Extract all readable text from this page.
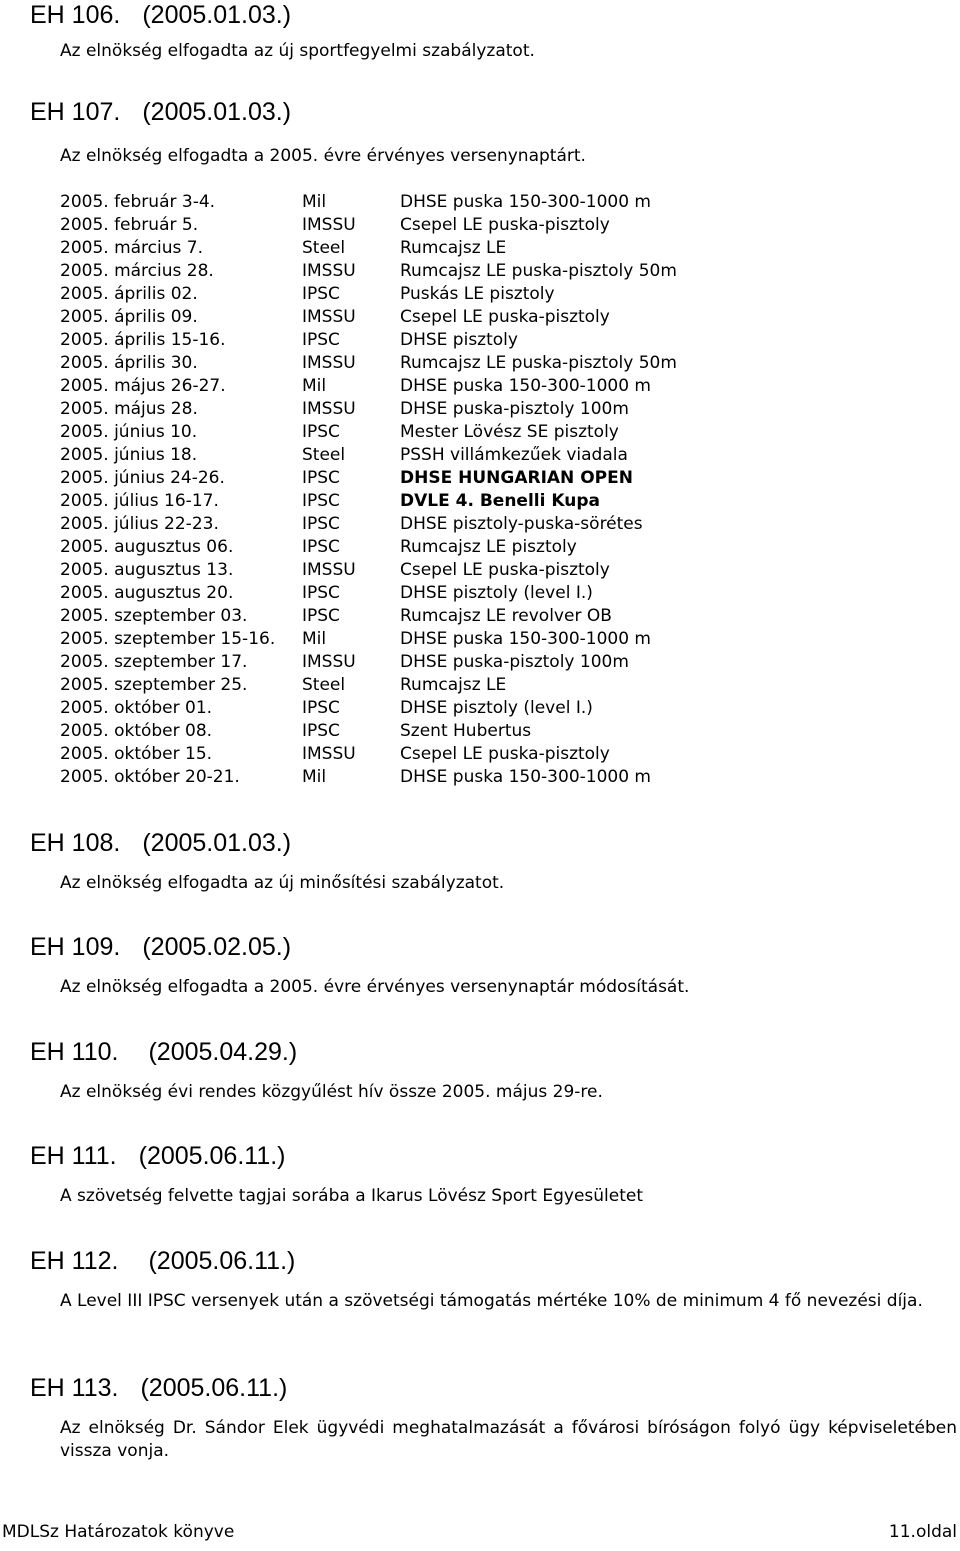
EH 106. (2005.01.03.)
Az elnökség elfogadta az új sportfegyelmi szabályzatot.
EH 107. (2005.01.03.)
Az elnökség elfogadta a 2005. évre érvényes versenynaptárt.
2005. február 3-4.	Mil	DHSE puska 150-300-1000 m
2005. február 5.	IMSSU	Csepel LE puska-pisztoly
2005. március 7.	Steel	Rumcajsz LE
2005. március 28.	IMSSU	Rumcajsz LE puska-pisztoly 50m
2005. április 02.	IPSC	Puskás LE pisztoly
2005. április 09.	IMSSU	Csepel LE puska-pisztoly
2005. április 15-16.	IPSC	DHSE pisztoly
2005. április 30.	IMSSU	Rumcajsz LE puska-pisztoly 50m
2005. május 26-27.	Mil	DHSE puska 150-300-1000 m
2005. május 28.	IMSSU	DHSE puska-pisztoly 100m
2005. június 10.	IPSC	Mester Lövész SE pisztoly
2005. június 18.	Steel	PSSH villámkezűek viadala
2005. június 24-26.	IPSC	DHSE HUNGARIAN OPEN
2005. július 16-17.	IPSC	DVLE 4. Benelli Kupa
2005. július 22-23.	IPSC	DHSE pisztoly-puska-sörétes
2005. augusztus 06.	IPSC	Rumcajsz LE pisztoly
2005. augusztus 13.	IMSSU	Csepel LE puska-pisztoly
2005. augusztus 20.	IPSC	DHSE pisztoly (level I.)
2005. szeptember 03.	IPSC	Rumcajsz LE revolver OB
2005. szeptember 15-16. Mil	DHSE puska 150-300-1000 m
2005. szeptember 17.	IMSSU	DHSE puska-pisztoly 100m
2005. szeptember 25.	Steel	Rumcajsz LE
2005. október 01.	IPSC	DHSE pisztoly (level I.)
2005. október 08.	IPSC	Szent Hubertus
2005. október 15.	IMSSU	Csepel LE puska-pisztoly
2005. október 20-21.	Mil	DHSE puska 150-300-1000 m
EH 108. (2005.01.03.)
Az elnökség elfogadta az új minősítési szabályzatot.
EH 109. (2005.02.05.)
Az elnökség elfogadta a 2005. évre érvényes versenynaptár módosítását.
EH 110. (2005.04.29.)
Az elnökség évi rendes közgyűlést hív össze 2005. május 29-re.
EH 111. (2005.06.11.)
A szövetség felvette tagjai sorába a Ikarus Lövész Sport Egyesületet
EH 112. (2005.06.11.)
A Level III IPSC versenyek után a szövetségi támogatás mértéke 10% de minimum 4 fő nevezési díja.
EH 113. (2005.06.11.)
Az elnökség Dr. Sándor Elek ügyvédi meghatalmazását a fővárosi bíróságon folyó ügy képviseletében vissza vonja.
MDLSz Határozatok könyve	11.oldal
